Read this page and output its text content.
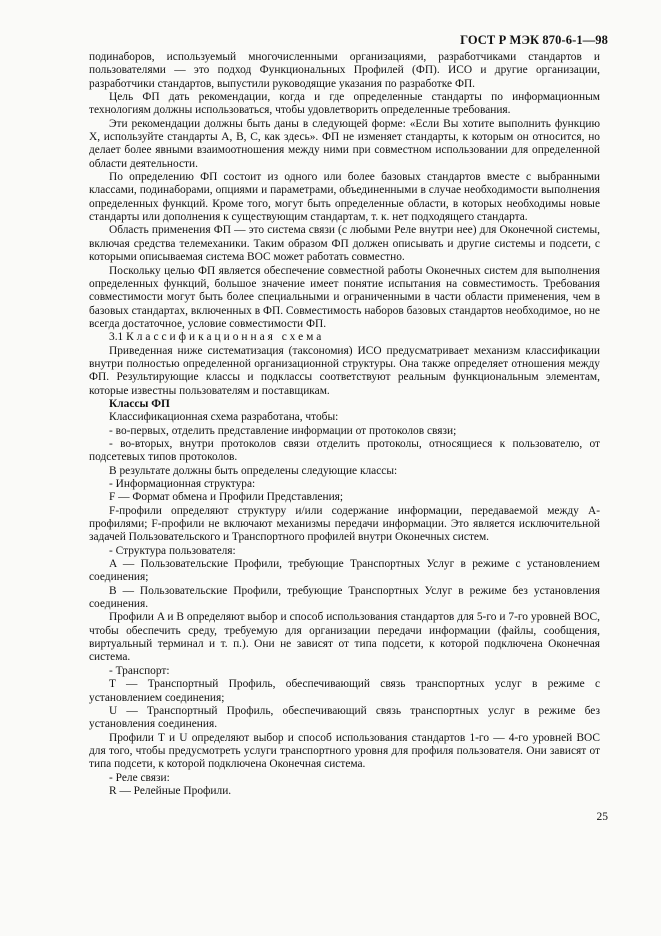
ГОСТ Р МЭК 870-6-1—98

подинаборов, используемый многочисленными организациями, разработчиками стандартов и пользователями — это подход Функциональных Профилей (ФП). ИСО и другие организации, разработчики стандартов, выпустили руководящие указания по разработке ФП.

Цель ФП дать рекомендации, когда и где определенные стандарты по информационным технологиям должны использоваться, чтобы удовлетворить определенные требования.

Эти рекомендации должны быть даны в следующей форме: «Если Вы хотите выполнить функцию X, используйте стандарты A, B, C, как здесь». ФП не изменяет стандарты, к которым он относится, но делает более явными взаимоотношения между ними при совместном использовании для определенной области деятельности.

По определению ФП состоит из одного или более базовых стандартов вместе с выбранными классами, подинаборами, опциями и параметрами, объединенными в случае необходимости выполнения определенных функций. Кроме того, могут быть определенные области, в которых необходимы новые стандарты или дополнения к существующим стандартам, т. к. нет подходящего стандарта.

Область применения ФП — это система связи (с любыми Реле внутри нее) для Оконечной системы, включая средства телемеханики. Таким образом ФП должен описывать и другие системы и подсети, с которыми описываемая система ВОС может работать совместно.

Поскольку целью ФП является обеспечение совместной работы Оконечных систем для выполнения определенных функций, большое значение имеет понятие испытания на совместимость. Требования совместимости могут быть более специальными и ограниченными в части области применения, чем в базовых стандартах, включенных в ФП. Совместимость наборов базовых стандартов необходимое, но не всегда достаточное, условие совместимости ФП.

3.1 Классификационная схема

Приведенная ниже систематизация (таксономия) ИСО предусматривает механизм классификации внутри полностью определенной организационной структуры. Она также определяет отношения между ФП. Результирующие классы и подклассы соответствуют реальным функциональным элементам, которые известны пользователям и поставщикам.

Классы ФП

Классификационная схема разработана, чтобы:

- во-первых, отделить представление информации от протоколов связи;

- во-вторых, внутри протоколов связи отделить протоколы, относящиеся к пользователю, от подсетевых типов протоколов.

В результате должны быть определены следующие классы:

- Информационная структура:

F — Формат обмена и Профили Представления;

F-профили определяют структуру и/или содержание информации, передаваемой между А-профилями; F-профили не включают механизмы передачи информации. Это является исключительной задачей Пользовательского и Транспортного профилей внутри Оконечных систем.

- Структура пользователя:

A — Пользовательские Профили, требующие Транспортных Услуг в режиме с установлением соединения;

B — Пользовательские Профили, требующие Транспортных Услуг в режиме без установления соединения.

Профили A и B определяют выбор и способ использования стандартов для 5-го и 7-го уровней ВОС, чтобы обеспечить среду, требуемую для организации передачи информации (файлы, сообщения, виртуальный терминал и т. п.). Они не зависят от типа подсети, к которой подключена Оконечная система.

- Транспорт:

T — Транспортный Профиль, обеспечивающий связь транспортных услуг в режиме с установлением соединения;

U — Транспортный Профиль, обеспечивающий связь транспортных услуг в режиме без установления соединения.

Профили T и U определяют выбор и способ использования стандартов 1-го — 4-го уровней ВОС для того, чтобы предусмотреть услуги транспортного уровня для профиля пользователя. Они зависят от типа подсети, к которой подключена Оконечная система.

- Реле связи:

R — Релейные Профили.

25
